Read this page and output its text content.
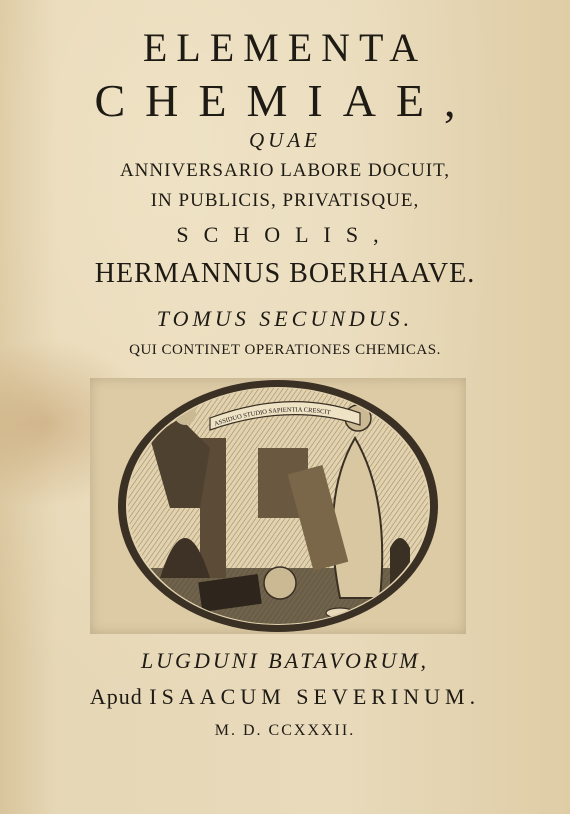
ELEMENTA
CHEMIAE,
QUAE
ANNIVERSARIO LABORE DOCUIT,
IN PUBLICIS, PRIVATISQUE,
SCHOLIS,
HERMANNUS BOERHAAVE.
TOMUS SECUNDUS.
QUI CONTINET OPERATIONES CHEMICAS.
ASSIDUO STUDIO SAPIENTIA CRESCIT
LUGDUNI BATAVORUM,
Apud ISAACUM SEVERINUM.
M. D. CCXXXII.
